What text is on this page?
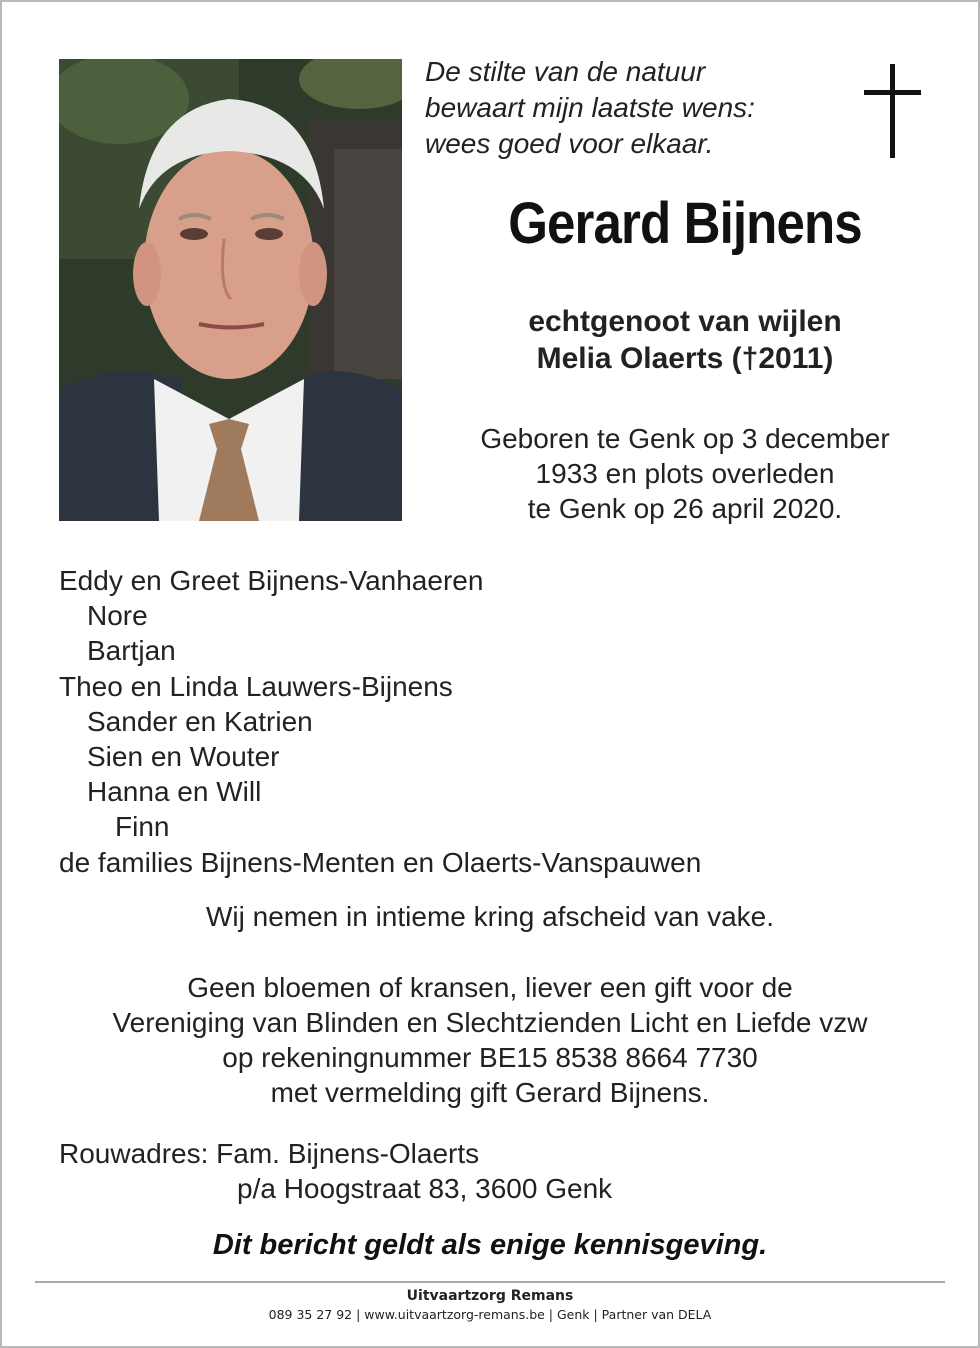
De stilte van de natuur
bewaart mijn laatste wens:
wees goed voor elkaar.
Gerard Bijnens
echtgenoot van wijlen
Melia Olaerts (†2011)
Geboren te Genk op 3 december
1933 en plots overleden
te Genk op 26 april 2020.
Eddy en Greet Bijnens-Vanhaeren
Nore
Bartjan
Theo en Linda Lauwers-Bijnens
Sander en Katrien
Sien en Wouter
Hanna en Will
Finn
de families Bijnens-Menten en Olaerts-Vanspauwen
Wij nemen in intieme kring afscheid van vake.
Geen bloemen of kransen, liever een gift voor de
Vereniging van Blinden en Slechtzienden Licht en Liefde vzw
op rekeningnummer BE15 8538 8664 7730
met vermelding gift Gerard Bijnens.
Rouwadres: Fam. Bijnens-Olaerts
p/a Hoogstraat 83, 3600 Genk
Dit bericht geldt als enige kennisgeving.
Uitvaartzorg Remans
089 35 27 92 | www.uitvaartzorg-remans.be | Genk | Partner van DELA
